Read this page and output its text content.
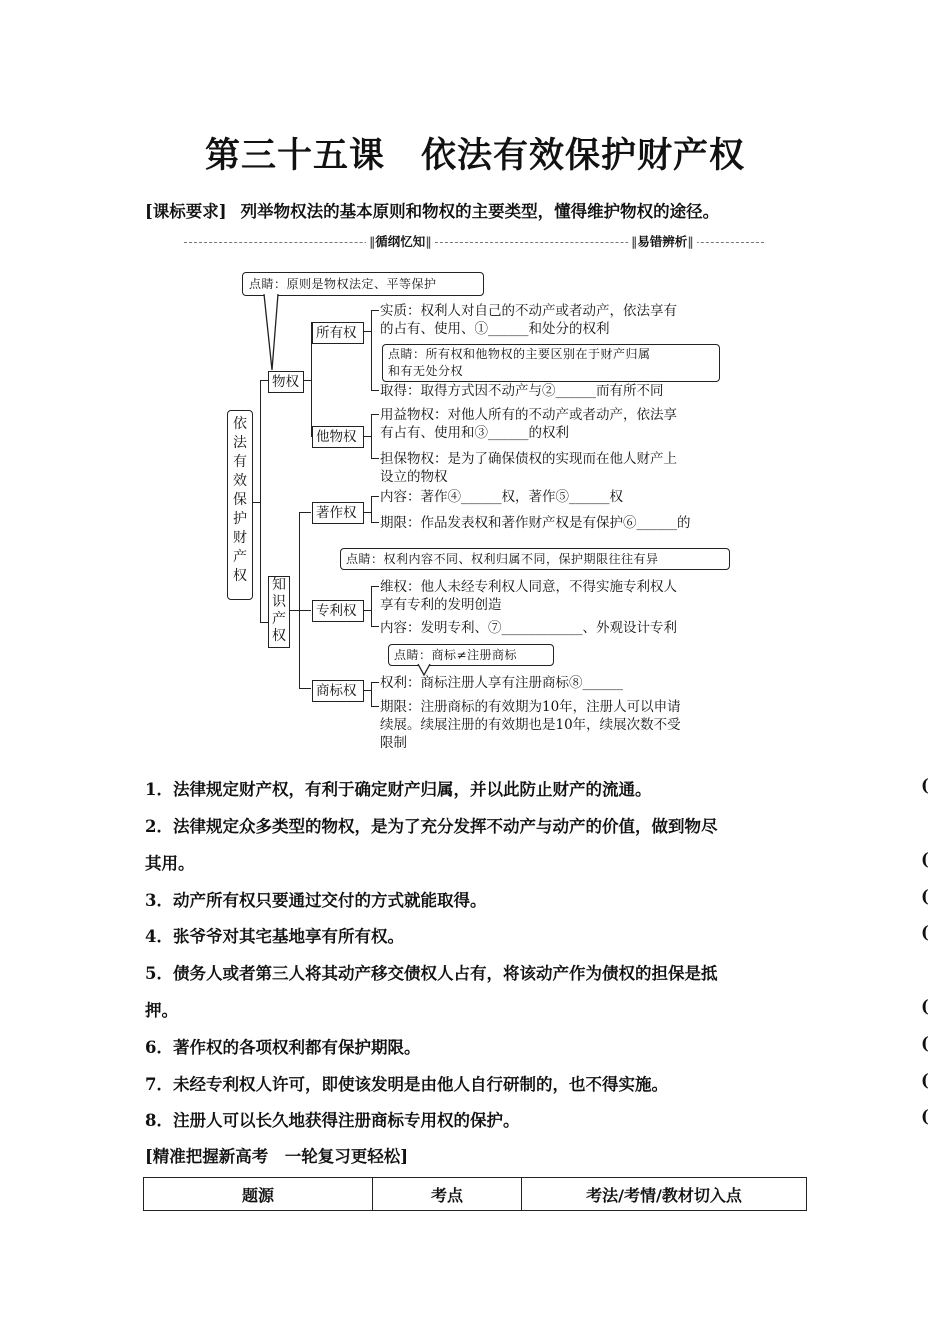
第三十五课　依法有效保护财产权
[课标要求] 列举物权法的基本原则和物权的主要类型，懂得维护物权的途径。
‖循纲忆知‖	‖易错辨析‖
依
法
有
效
保
护
财
产
权
点睛：原则是物权法定、平等保护
物权
所有权
实质：权利人对自己的不动产或者动产，依法享有
的占有、使用、①______和处分的权利
点睛：所有权和他物权的主要区别在于财产归属
和有无处分权
取得：取得方式因不动产与②______而有所不同
他物权
用益物权：对他人所有的不动产或者动产，依法享
有占有、使用和③______的权利
担保物权：是为了确保债权的实现而在他人财产上
设立的物权
知
识
产
权
著作权
内容：著作④______权，著作⑤______权
期限：作品发表权和著作财产权是有保护⑥______的
点睛：权利内容不同、权利归属不同，保护期限往往有异
专利权
维权：他人未经专利权人同意，不得实施专利权人
享有专利的发明创造
内容：发明专利、⑦____________、外观设计专利
点睛：商标≠注册商标
商标权 权利：商标注册人享有注册商标⑧______
期限：注册商标的有效期为10年，注册人可以申请
续展。续展注册的有效期也是10年，续展次数不受
限制
1．法律规定财产权，有利于确定财产归属，并以此防止财产的流通。	(
2．法律规定众多类型的物权，是为了充分发挥不动产与动产的价值，做到物尽
其用。	(
3．动产所有权只要通过交付的方式就能取得。	(
4．张爷爷对其宅基地享有所有权。	(
5．债务人或者第三人将其动产移交债权人占有，将该动产作为债权的担保是抵
押。	(
6．著作权的各项权利都有保护期限。	(
7．未经专利权人许可，即使该发明是由他人自行研制的，也不得实施。	(
8．注册人可以长久地获得注册商标专用权的保护。	(
[精准把握新高考　一轮复习更轻松]
题源	考点	考法/考情/教材切入点
